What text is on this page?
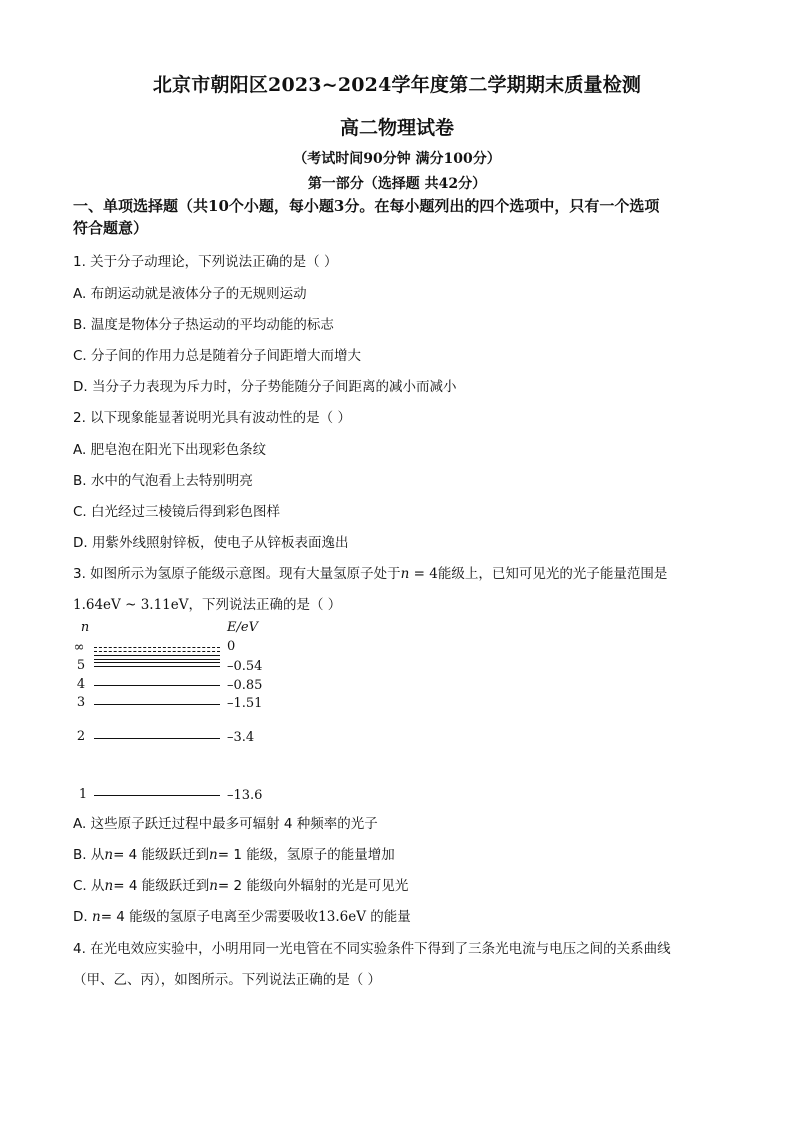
北京市朝阳区2023~2024学年度第二学期期末质量检测
高二物理试卷
（考试时间90分钟 满分100分）
第一部分（选择题 共42分）
一、单项选择题（共10个小题，每小题3分。在每小题列出的四个选项中，只有一个选项
符合题意）
1. 关于分子动理论，下列说法正确的是（ ）
A. 布朗运动就是液体分子的无规则运动
B. 温度是物体分子热运动的平均动能的标志
C. 分子间的作用力总是随着分子间距增大而增大
D. 当分子力表现为斥力时，分子势能随分子间距离的减小而减小
2. 以下现象能显著说明光具有波动性的是（ ）
A. 肥皂泡在阳光下出现彩色条纹
B. 水中的气泡看上去特别明亮
C. 白光经过三棱镜后得到彩色图样
D. 用紫外线照射锌板，使电子从锌板表面逸出
3. 如图所示为氢原子能级示意图。现有大量氢原子处于n = 4能级上，已知可见光的光子能量范围是
1.64eV ~ 3.11eV，下列说法正确的是（ ）
n	E/eV
∞	0
5	–0.54
4	–0.85
3	–1.51
2	–3.4
1	–13.6
A. 这些原子跃迁过程中最多可辐射 4 种频率的光子
B. 从n= 4 能级跃迁到n= 1 能级，氢原子的能量增加
C. 从n= 4 能级跃迁到n= 2 能级向外辐射的光是可见光
D. n= 4 能级的氢原子电离至少需要吸收13.6eV 的能量
4. 在光电效应实验中，小明用同一光电管在不同实验条件下得到了三条光电流与电压之间的关系曲线
（甲、乙、丙），如图所示。下列说法正确的是（ ）
